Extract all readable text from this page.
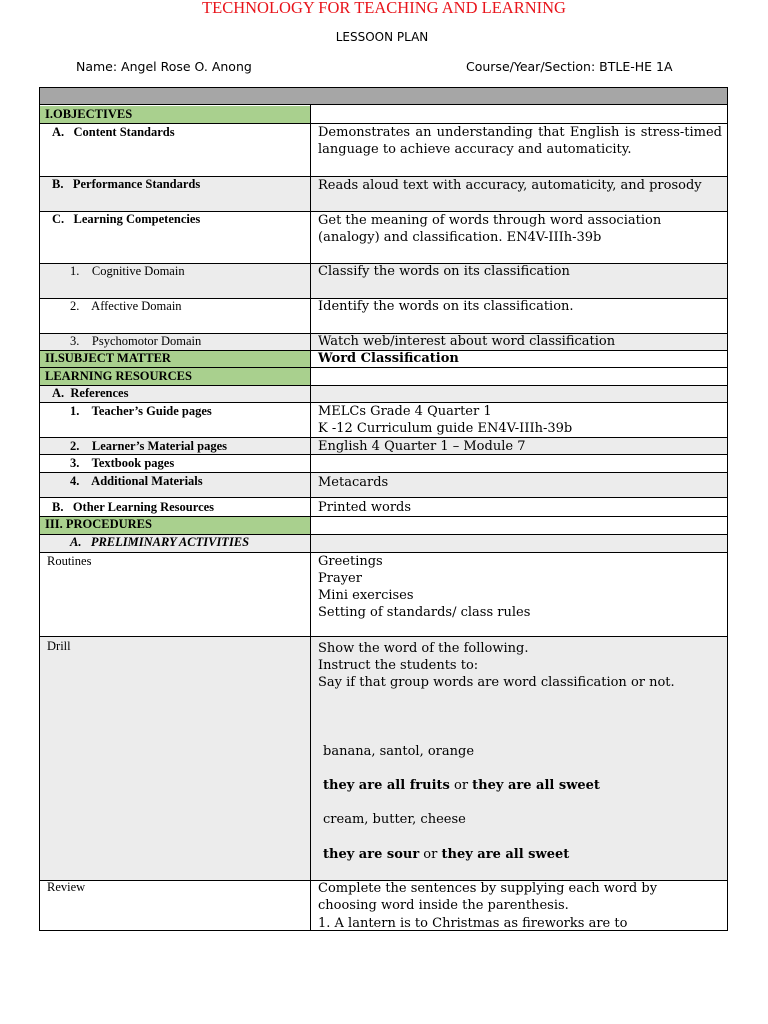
TECHNOLOGY FOR TEACHING AND LEARNING
LESSOON PLAN
Name: Angel Rose O. Anong	Course/Year/Section: BTLE-HE 1A
I.OBJECTIVES
A.   Content Standards
B.   Performance Standards
C.   Learning Competencies
1.    Cognitive Domain
2.    Affective Domain
3.    Psychomotor Domain
II.SUBJECT MATTER
LEARNING RESOURCES
A.  References
1.    Teacher’s Guide pages
2.    Learner’s Material pages
3.    Textbook pages
4.    Additional Materials
B.   Other Learning Resources
III. PROCEDURES
A.   PRELIMINARY ACTIVITIES
Routines
Drill
Review
Demonstrates an understanding that English is stress-timed language to achieve accuracy and automaticity.
Reads aloud text with accuracy, automaticity, and prosody
Get the meaning of words through word association (analogy) and classification. EN4V-IIIh-39b
Classify the words on its classification
Identify the words on its classification.
Watch web/interest about word classification
Word Classification
MELCs Grade 4 Quarter 1
K -12 Curriculum guide EN4V-IIIh-39b
English 4 Quarter 1 – Module 7
Metacards
Printed words
Greetings
Prayer
Mini exercises
Setting of standards/ class rules
Show the word of the following.
Instruct the students to:
Say if that group words are word classification or not.
banana, santol, orange
they are all fruits or they are all sweet
cream, butter, cheese
they are sour or they are all sweet
Complete the sentences by supplying each word by choosing word inside the parenthesis.
1. A lantern is to Christmas as fireworks are to
